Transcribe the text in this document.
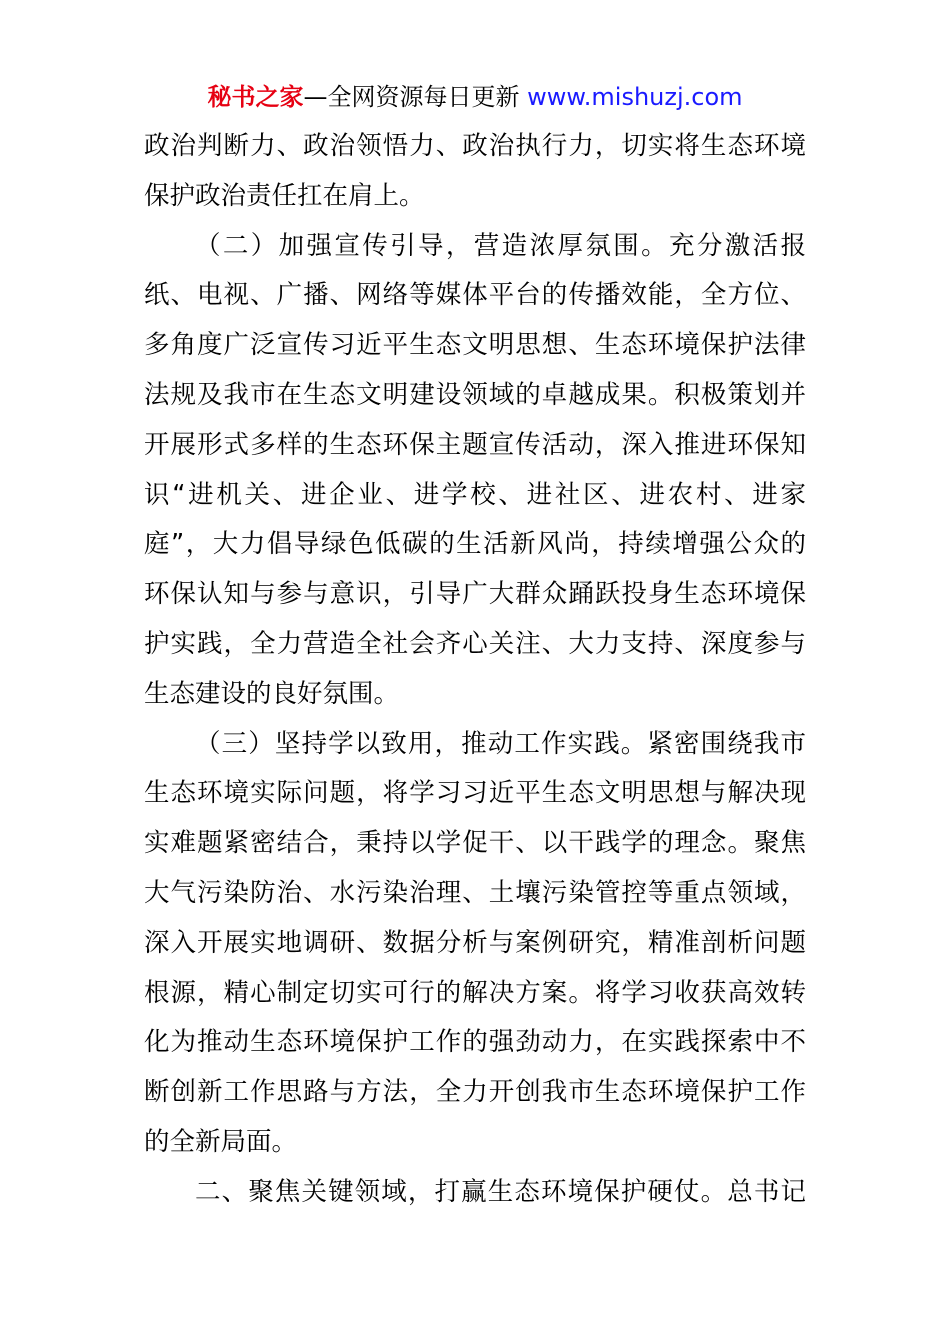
秘书之家—全网资源每日更新 www.mishuzj.com
政治判断力、政治领悟力、政治执行力，切实将生态环境
保护政治责任扛在肩上。
（二）加强宣传引导，营造浓厚氛围。充分激活报
纸、电视、广播、网络等媒体平台的传播效能，全方位、
多角度广泛宣传习近平生态文明思想、生态环境保护法律
法规及我市在生态文明建设领域的卓越成果。积极策划并
开展形式多样的生态环保主题宣传活动，深入推进环保知
识“进机关、进企业、进学校、进社区、进农村、进家
庭”，大力倡导绿色低碳的生活新风尚，持续增强公众的
环保认知与参与意识，引导广大群众踊跃投身生态环境保
护实践，全力营造全社会齐心关注、大力支持、深度参与
生态建设的良好氛围。
（三）坚持学以致用，推动工作实践。紧密围绕我市
生态环境实际问题，将学习习近平生态文明思想与解决现
实难题紧密结合，秉持以学促干、以干践学的理念。聚焦
大气污染防治、水污染治理、土壤污染管控等重点领域，
深入开展实地调研、数据分析与案例研究，精准剖析问题
根源，精心制定切实可行的解决方案。将学习收获高效转
化为推动生态环境保护工作的强劲动力，在实践探索中不
断创新工作思路与方法，全力开创我市生态环境保护工作
的全新局面。
二、聚焦关键领域，打赢生态环境保护硬仗。总书记
